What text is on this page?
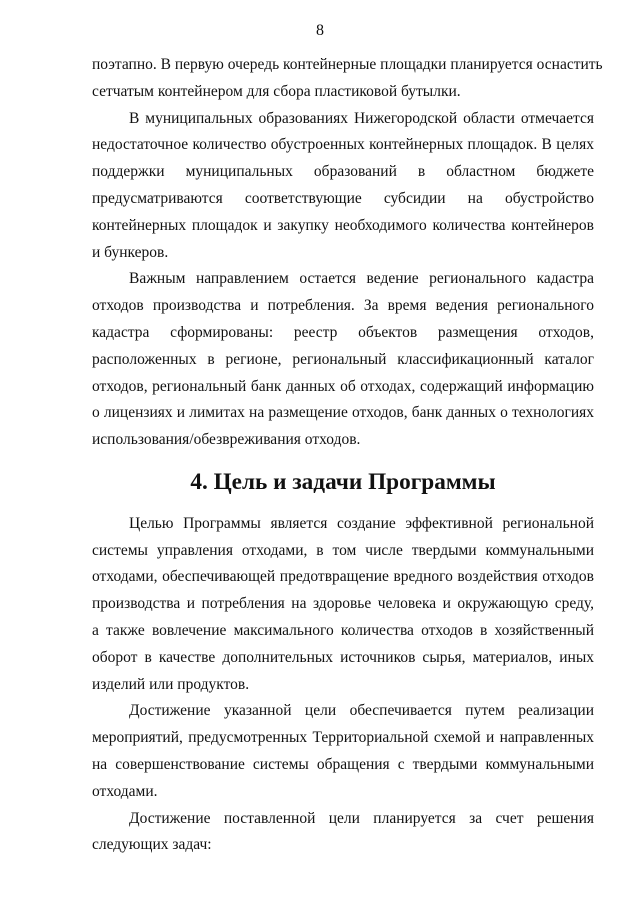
8
поэтапно. В первую очередь контейнерные площадки планируется оснастить
сетчатым контейнером для сбора пластиковой бутылки.
В муниципальных образованиях Нижегородской области отмечается
недостаточное количество обустроенных контейнерных площадок. В целях
поддержки муниципальных образований в областном бюджете
предусматриваются соответствующие субсидии на обустройство
контейнерных площадок и закупку необходимого количества контейнеров
и бункеров.
Важным направлением остается ведение регионального кадастра
отходов производства и потребления. За время ведения регионального
кадастра сформированы: реестр объектов размещения отходов,
расположенных в регионе, региональный классификационный каталог
отходов, региональный банк данных об отходах, содержащий информацию
о лицензиях и лимитах на размещение отходов, банк данных о технологиях
использования/обезвреживания отходов.
4. Цель и задачи Программы
Целью Программы является создание эффективной региональной
системы управления отходами, в том числе твердыми коммунальными
отходами, обеспечивающей предотвращение вредного воздействия отходов
производства и потребления на здоровье человека и окружающую среду,
а также вовлечение максимального количества отходов в хозяйственный
оборот в качестве дополнительных источников сырья, материалов, иных
изделий или продуктов.
Достижение указанной цели обеспечивается путем реализации
мероприятий, предусмотренных Территориальной схемой и направленных
на совершенствование системы обращения с твердыми коммунальными
отходами.
Достижение поставленной цели планируется за счет решения
следующих задач:
